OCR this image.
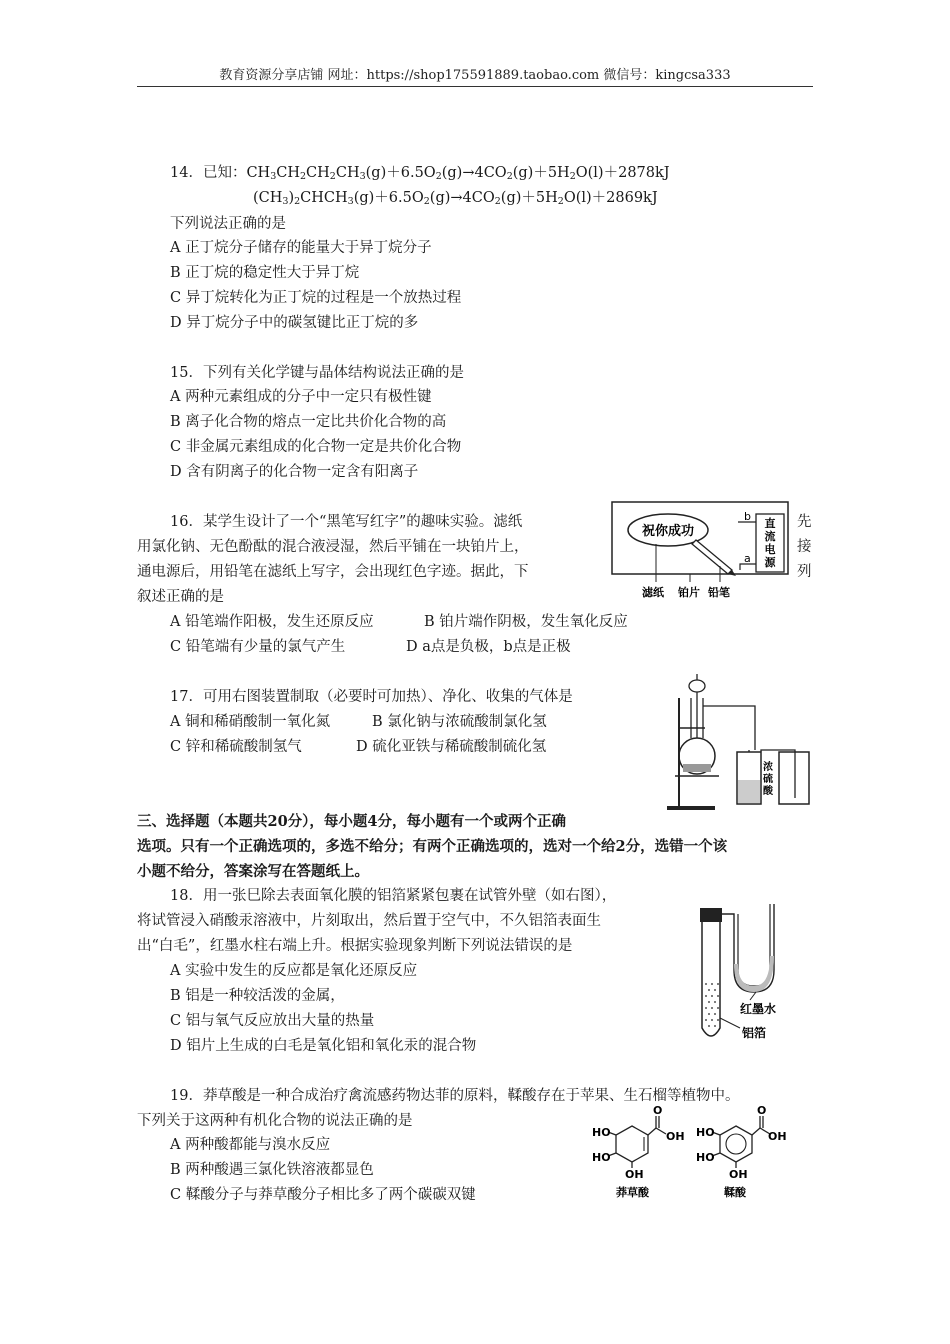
教育资源分享店铺 网址：https://shop175591889.taobao.com 微信号：kingcsa333
14．已知：$CH_3CH_2CH_2CH_3(g)+6.5O_2(g)\to 4CO_2(g)+5H_2O(l)+2878kJ$
$(CH_3)_2CHCH_3(g)+6.5O_2(g)\to 4CO_2(g)+5H_2O(l)+2869kJ$
下列说法正确的是
A 正丁烷分子储存的能量大于异丁烷分子
B 正丁烷的稳定性大于异丁烷
C 异丁烷转化为正丁烷的过程是一个放热过程
D 异丁烷分子中的碳氢键比正丁烷的多
15．下列有关化学键与晶体结构说法正确的是
A 两种元素组成的分子中一定只有极性键
B 离子化合物的熔点一定比共价化合物的高
C 非金属元素组成的化合物一定是共价化合物
D 含有阴离子的化合物一定含有阳离子
16．某学生设计了一个“黑笔写红字”的趣味实验。滤纸
用氯化钠、无色酚酞的混合液浸湿，然后平铺在一块铂片上，
通电源后，用铅笔在滤纸上写字，会出现红色字迹。据此，下
叙述正确的是
先
接
列
A 铅笔端作阳极，发生还原反应	B 铂片端作阴极，发生氧化反应
C 铅笔端有少量的氯气产生	D a点是负极，b点是正极
祝你成功
直
流
电
源
b
a
滤纸 铂片 铅笔
17．可用右图装置制取（必要时可加热）、净化、收集的气体是
A 铜和稀硝酸制一氧化氮	B 氯化钠与浓硫酸制氯化氢
C 锌和稀硫酸制氢气	D 硫化亚铁与稀硫酸制硫化氢
浓
硫
酸
三、选择题（本题共20分），每小题4分，每小题有一个或两个正确
选项。只有一个正确选项的，多选不给分；有两个正确选项的，选对一个给2分，选错一个该
小题不给分，答案涂写在答题纸上。
18．用一张巳除去表面氧化膜的铝箔紧紧包裹在试管外壁（如右图），
将试管浸入硝酸汞溶液中，片刻取出，然后置于空气中，不久铝箔表面生
出“白毛”，红墨水柱右端上升。根据实验现象判断下列说法错误的是
A 实验中发生的反应都是氧化还原反应
B 铝是一种较活泼的金属，
C 铝与氧气反应放出大量的热量
D 铝片上生成的白毛是氧化铝和氧化汞的混合物
红墨水
铝箔
19．莽草酸是一种合成治疗禽流感药物达菲的原料，鞣酸存在于苹果、生石榴等植物中。
下列关于这两种有机化合物的说法正确的是
A 两种酸都能与溴水反应
B 两种酸遇三氯化铁溶液都显色
C 鞣酸分子与莽草酸分子相比多了两个碳碳双键
O
OH
HO
HO
OH
莽草酸
O
OH
HO
HO
OH
鞣酸
